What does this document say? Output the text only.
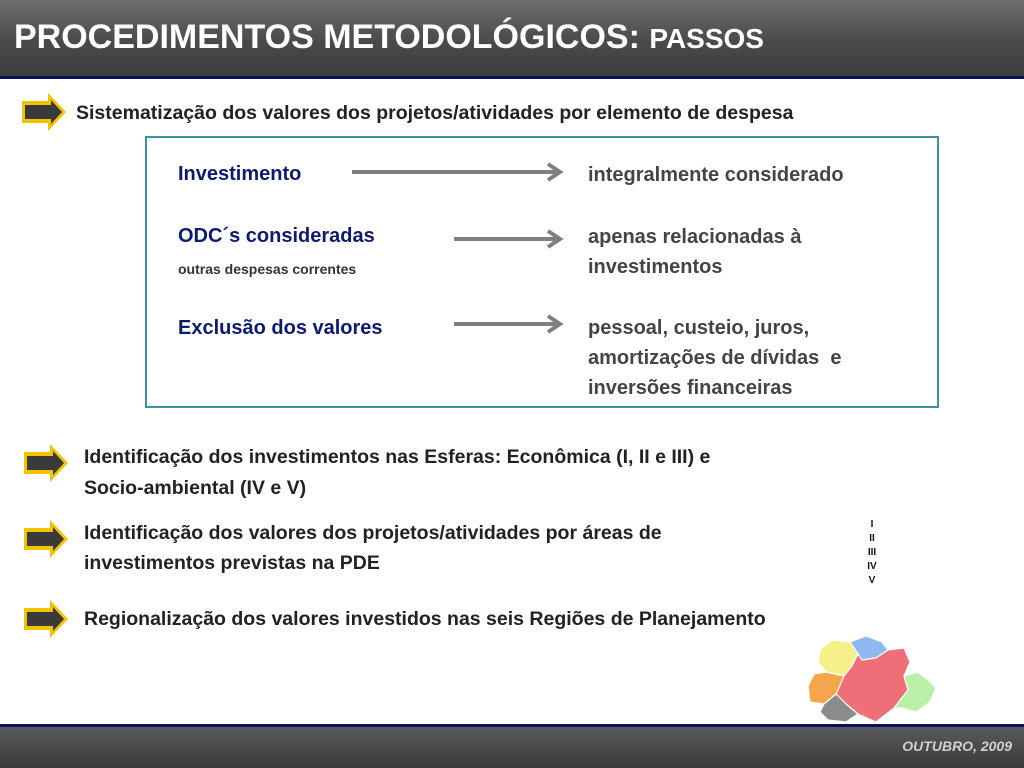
PROCEDIMENTOS METODOLÓGICOS: PASSOS
Sistematização dos valores dos projetos/atividades por elemento de despesa
Investimento	integralmente considerado
ODC´s consideradas
outras despesas correntes
apenas relacionadas à
investimentos
Exclusão dos valores	pessoal, custeio, juros,
amortizações de dívidas  e
inversões financeiras
Identificação dos investimentos nas Esferas: Econômica (I, II e III) e
Socio-ambiental (IV e V)
Identificação dos valores dos projetos/atividades por áreas de
investimentos previstas na PDE
I
II
III
IV
V
Regionalização dos valores investidos nas seis Regiões de Planejamento
OUTUBRO, 2009
